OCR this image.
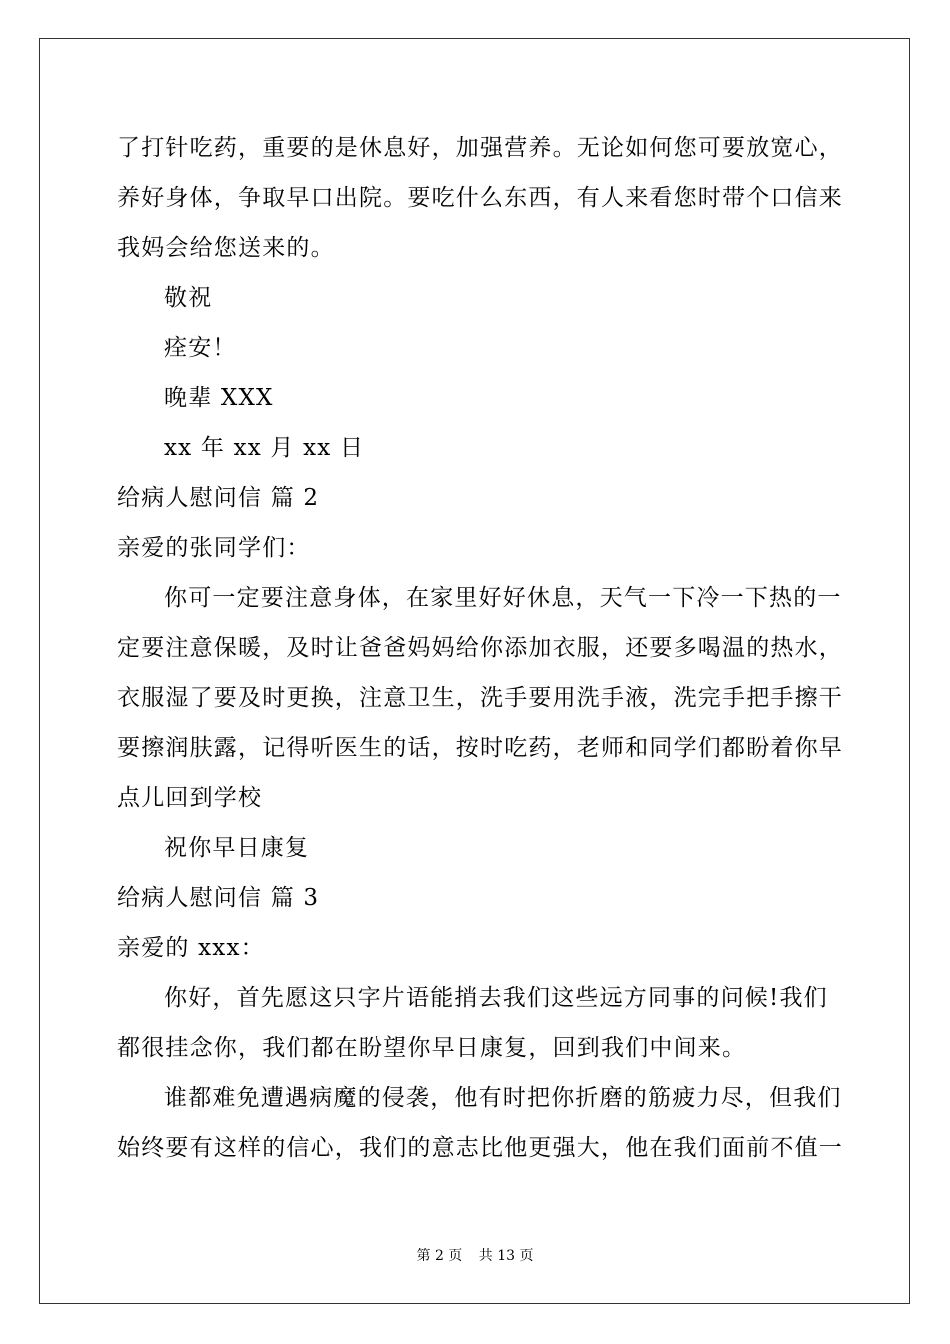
了打针吃药，重要的是休息好，加强营养。无论如何您可要放宽心，
养好身体，争取早口出院。要吃什么东西，有人来看您时带个口信来
我妈会给您送来的。
敬祝
痊安！
晚辈 XXX
xx 年 xx 月 xx 日
给病人慰问信 篇 2
亲爱的张同学们：
你可一定要注意身体，在家里好好休息，天气一下冷一下热的一
定要注意保暖，及时让爸爸妈妈给你添加衣服，还要多喝温的热水，
衣服湿了要及时更换，注意卫生，洗手要用洗手液，洗完手把手擦干
要擦润肤露，记得听医生的话，按时吃药，老师和同学们都盼着你早
点儿回到学校
祝你早日康复
给病人慰问信 篇 3
亲爱的 xxx：
你好，首先愿这只字片语能捎去我们这些远方同事的问候!我们
都很挂念你，我们都在盼望你早日康复，回到我们中间来。
谁都难免遭遇病魔的侵袭，他有时把你折磨的筋疲力尽，但我们
始终要有这样的信心，我们的意志比他更强大，他在我们面前不值一
第 2 页 共 13 页
